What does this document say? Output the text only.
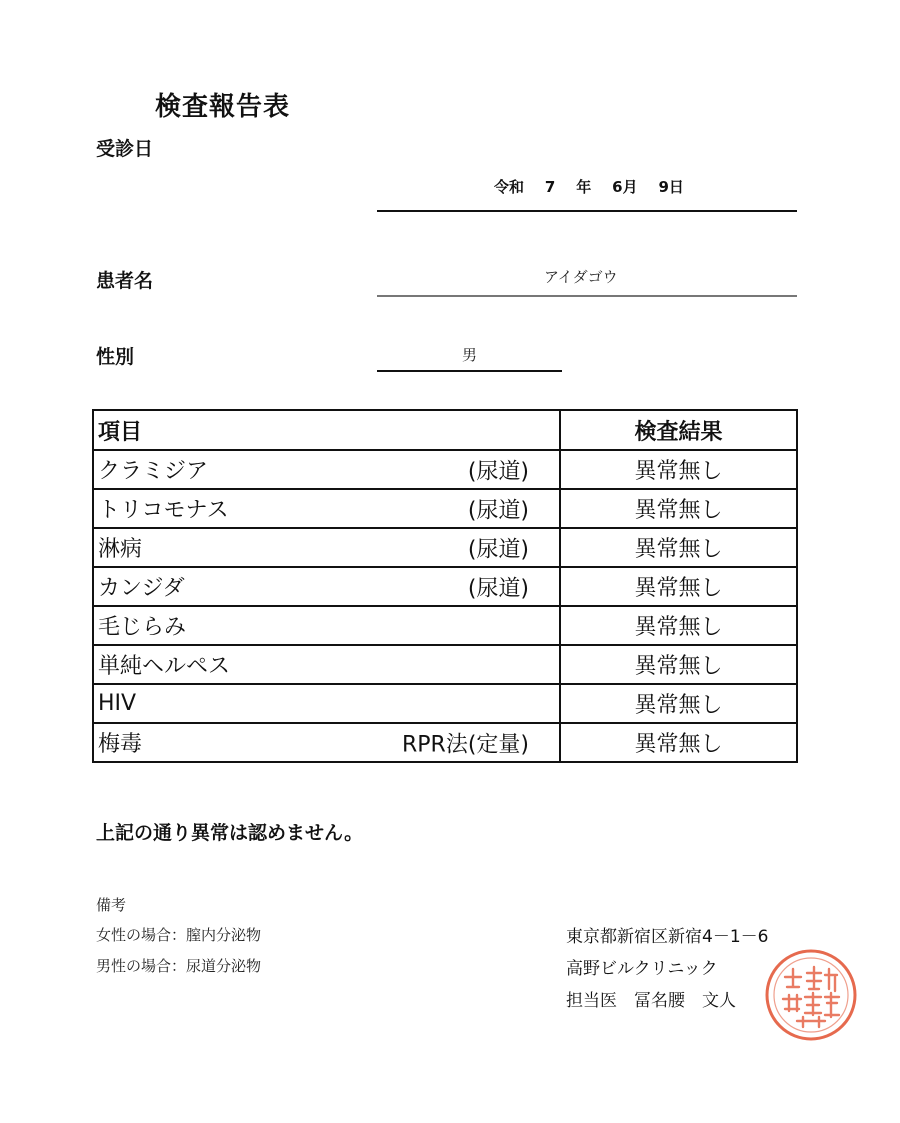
検査報告表
受診日
令和 7 年 6月 9日
患者名	アイダゴウ
性別	男
項目	検査結果
クラミジア (尿道)	異常無し
トリコモナス (尿道)	異常無し
淋病 (尿道)	異常無し
カンジダ (尿道)	異常無し
毛じらみ	異常無し
単純ヘルペス	異常無し
HIV	異常無し
梅毒 RPR法(定量)	異常無し
上記の通り異常は認めません。
備考
女性の場合：膣内分泌物
男性の場合：尿道分泌物
東京都新宿区新宿4－1－6
高野ビルクリニック
担当医　冨名腰　文人
